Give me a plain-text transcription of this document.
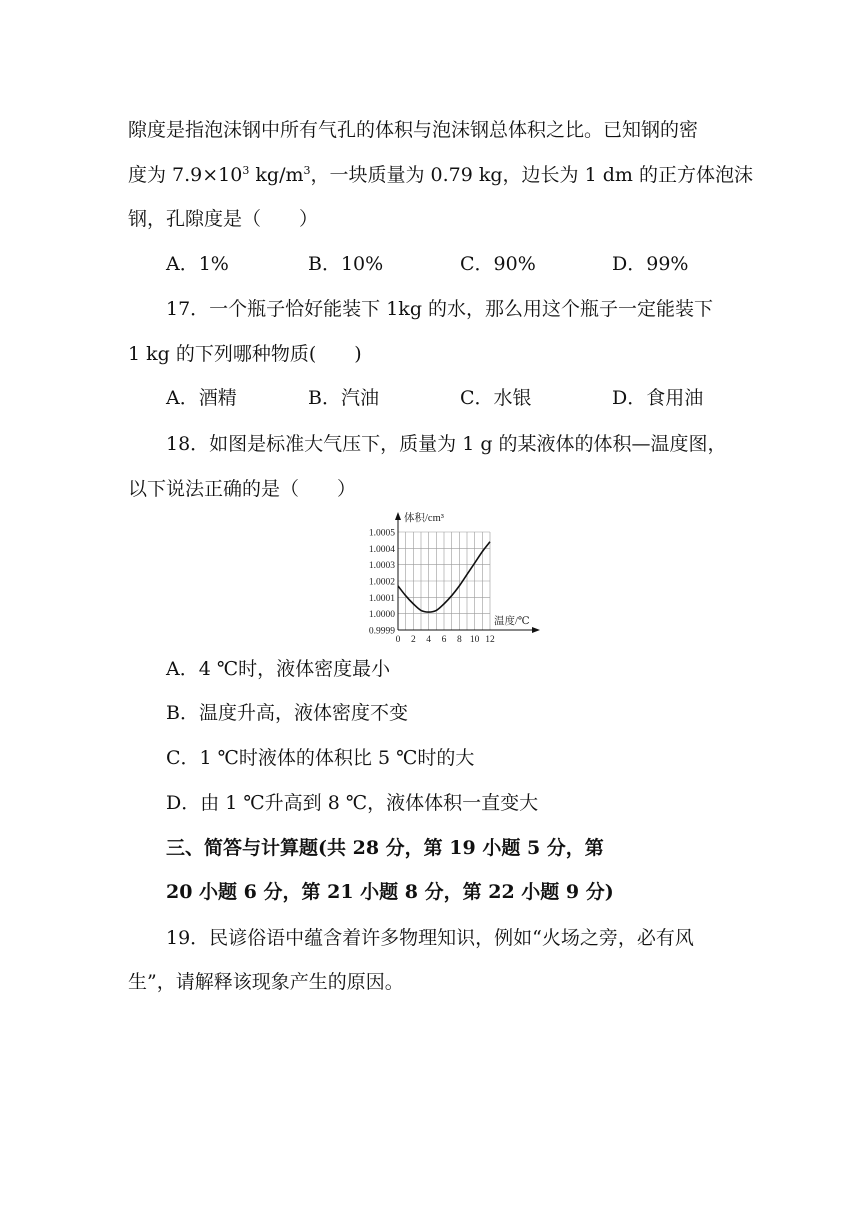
隙度是指泡沫钢中所有气孔的体积与泡沫钢总体积之比。已知钢的密
度为 $7.9\times 10^3$ $kg/m^3$，一块质量为 0.79 kg，边长为 1 dm 的正方体泡沫
钢，孔隙度是（　　）
A．1%	B．10%	C．90%	D．99%
17．一个瓶子恰好能装下 1kg 的水，那么用这个瓶子一定能装下
1 kg 的下列哪种物质(　　)
A．酒精	B．汽油	C．水银	D．食用油
18．如图是标准大气压下，质量为 1 g 的某液体的体积—温度图，
以下说法正确的是（　　）
0.9999
1.0000
1.0001
1.0002
1.0003
1.0004
1.0005
0 2 4 6 8 10 12
体积/cm³
温度/℃
A．4 ℃时，液体密度最小
B．温度升高，液体密度不变
C．1 ℃时液体的体积比 5 ℃时的大
D．由 1 ℃升高到 8 ℃，液体体积一直变大
三、简答与计算题(共 28 分，第 19 小题 5 分，第
20 小题 6 分，第 21 小题 8 分，第 22 小题 9 分)
19．民谚俗语中蕴含着许多物理知识，例如“火场之旁，必有风
生”，请解释该现象产生的原因。
